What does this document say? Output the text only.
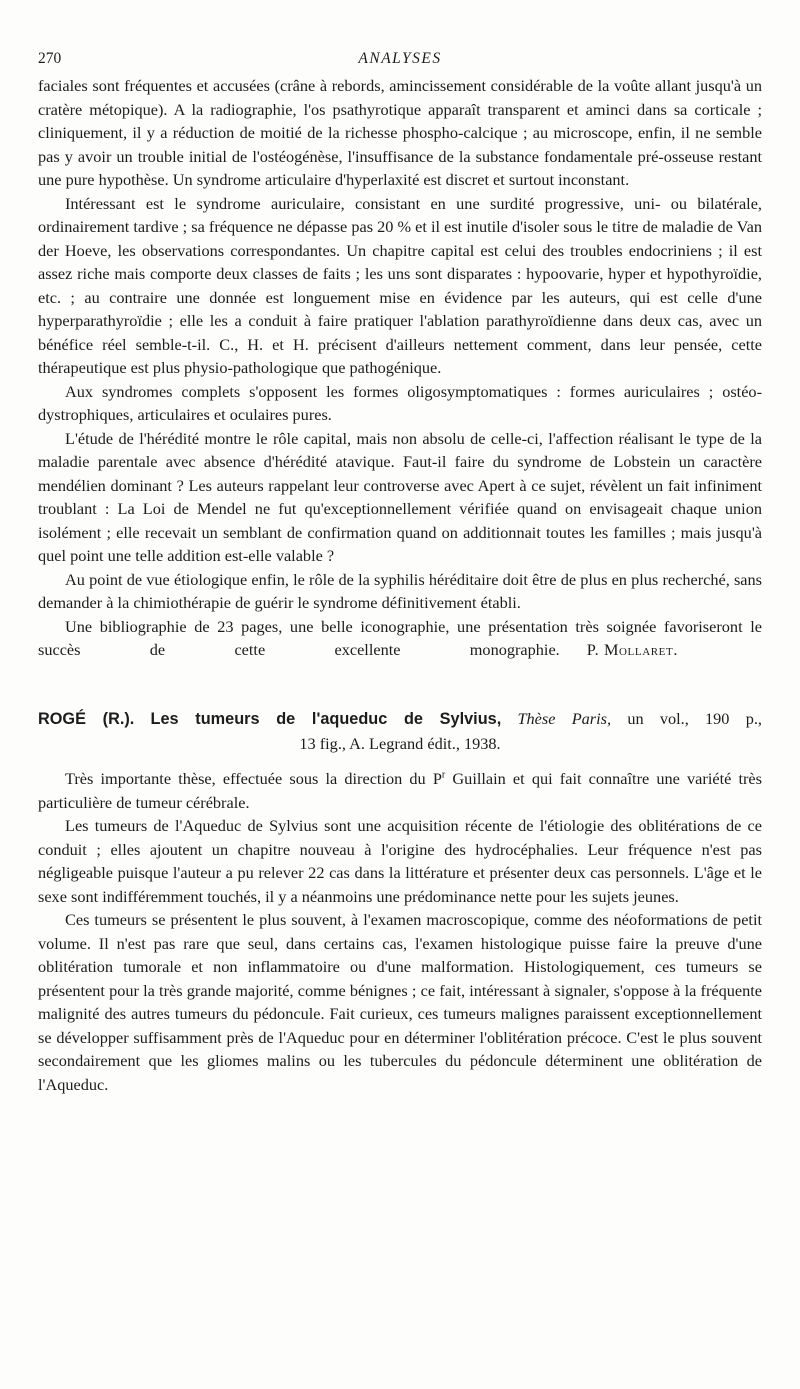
270	ANALYSES

faciales sont fréquentes et accusées (crâne à rebords, amincissement considérable de la voûte allant jusqu'à un cratère métopique). A la radiographie, l'os psathyrotique apparaît transparent et aminci dans sa corticale ; cliniquement, il y a réduction de moitié de la richesse phospho-calcique ; au microscope, enfin, il ne semble pas y avoir un trouble initial de l'ostéogénèse, l'insuffisance de la substance fondamentale pré-osseuse restant une pure hypothèse. Un syndrome articulaire d'hyperlaxité est discret et surtout inconstant.

Intéressant est le syndrome auriculaire, consistant en une surdité progressive, uni- ou bilatérale, ordinairement tardive ; sa fréquence ne dépasse pas 20 % et il est inutile d'isoler sous le titre de maladie de Van der Hoeve, les observations correspondantes. Un chapitre capital est celui des troubles endocriniens ; il est assez riche mais comporte deux classes de faits ; les uns sont disparates : hypoovarie, hyper et hypothyroïdie, etc. ; au contraire une donnée est longuement mise en évidence par les auteurs, qui est celle d'une hyperparathyroïdie ; elle les a conduit à faire pratiquer l'ablation parathyroïdienne dans deux cas, avec un bénéfice réel semble-t-il. C., H. et H. précisent d'ailleurs nettement comment, dans leur pensée, cette thérapeutique est plus physio-pathologique que pathogénique.

Aux syndromes complets s'opposent les formes oligosymptomatiques : formes auriculaires ; ostéo-dystrophiques, articulaires et oculaires pures.

L'étude de l'hérédité montre le rôle capital, mais non absolu de celle-ci, l'affection réalisant le type de la maladie parentale avec absence d'hérédité atavique. Faut-il faire du syndrome de Lobstein un caractère mendélien dominant ? Les auteurs rappelant leur controverse avec Apert à ce sujet, révèlent un fait infiniment troublant : La Loi de Mendel ne fut qu'exceptionnellement vérifiée quand on envisageait chaque union isolément ; elle recevait un semblant de confirmation quand on additionnait toutes les familles ; mais jusqu'à quel point une telle addition est-elle valable ?

Au point de vue étiologique enfin, le rôle de la syphilis héréditaire doit être de plus en plus recherché, sans demander à la chimiothérapie de guérir le syndrome définitivement établi.

Une bibliographie de 23 pages, une belle iconographie, une présentation très soignée favoriseront le succès de cette excellente monographie.	P. Mollaret.

ROGÉ (R.). Les tumeurs de l'aqueduc de Sylvius, Thèse Paris, un vol., 190 p.,
13 fig., A. Legrand édit., 1938.

Très importante thèse, effectuée sous la direction du $P^r$ Guillain et qui fait connaître une variété très particulière de tumeur cérébrale.

Les tumeurs de l'Aqueduc de Sylvius sont une acquisition récente de l'étiologie des oblitérations de ce conduit ; elles ajoutent un chapitre nouveau à l'origine des hydrocéphalies. Leur fréquence n'est pas négligeable puisque l'auteur a pu relever 22 cas dans la littérature et présenter deux cas personnels. L'âge et le sexe sont indifféremment touchés, il y a néanmoins une prédominance nette pour les sujets jeunes.

Ces tumeurs se présentent le plus souvent, à l'examen macroscopique, comme des néoformations de petit volume. Il n'est pas rare que seul, dans certains cas, l'examen histologique puisse faire la preuve d'une oblitération tumorale et non inflammatoire ou d'une malformation. Histologiquement, ces tumeurs se présentent pour la très grande majorité, comme bénignes ; ce fait, intéressant à signaler, s'oppose à la fréquente malignité des autres tumeurs du pédoncule. Fait curieux, ces tumeurs malignes paraissent exceptionnellement se développer suffisamment près de l'Aqueduc pour en déterminer l'oblitération précoce. C'est le plus souvent secondairement que les gliomes malins ou les tubercules du pédoncule déterminent une oblitération de l'Aqueduc.
